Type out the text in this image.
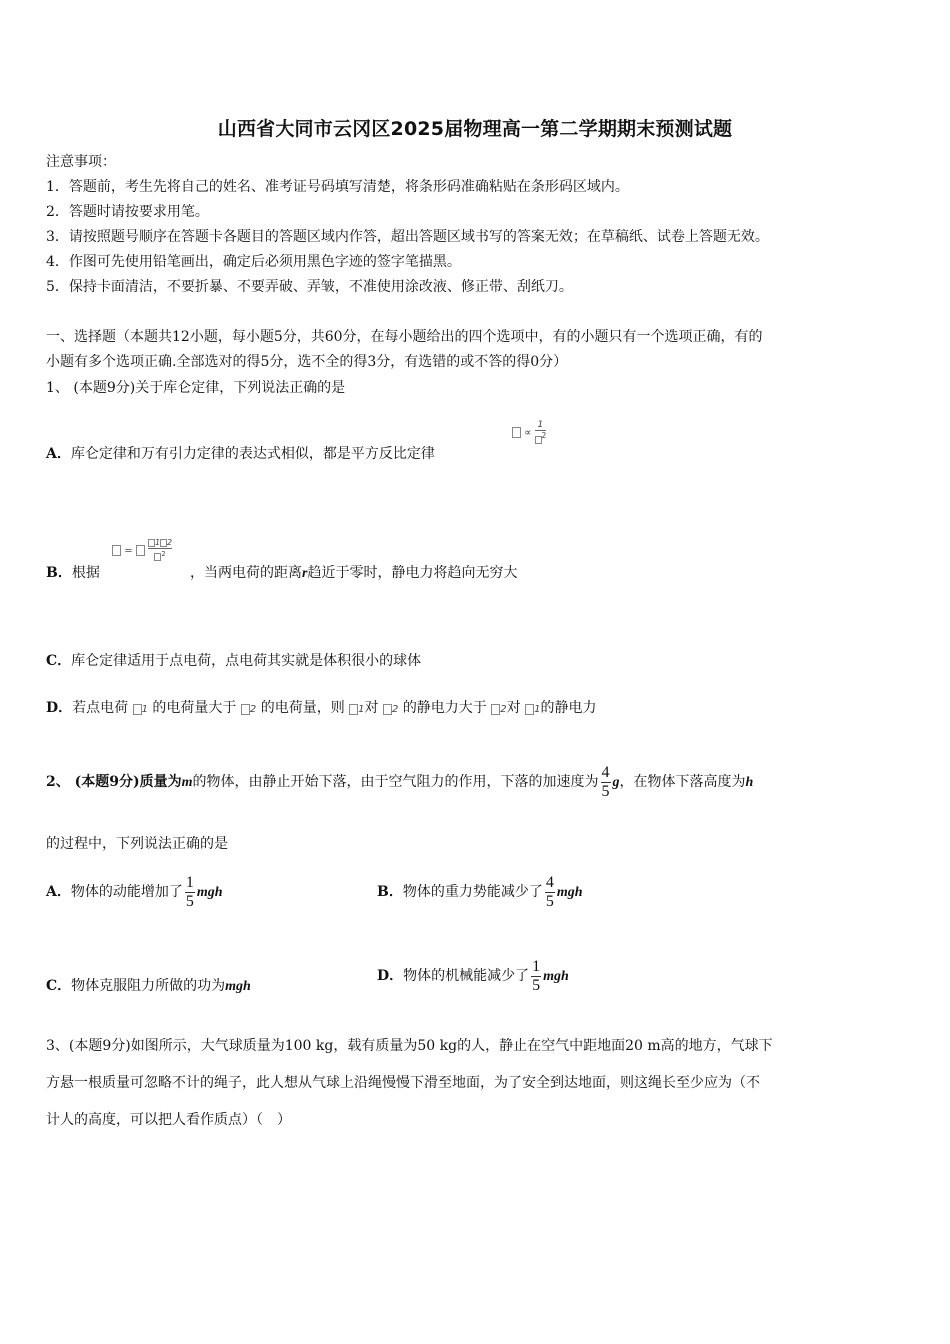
山西省大同市云冈区2025届物理高一第二学期期末预测试题
注意事项：
1．答题前，考生先将自己的姓名、准考证号码填写清楚，将条形码准确粘贴在条形码区域内。
2．答题时请按要求用笔。
3．请按照题号顺序在答题卡各题目的答题区域内作答，超出答题区域书写的答案无效；在草稿纸、试卷上答题无效。
4．作图可先使用铅笔画出，确定后必须用黑色字迹的签字笔描黑。
5．保持卡面清洁，不要折暴、不要弄破、弄皱，不准使用涂改液、修正带、刮纸刀。
一、选择题（本题共12小题，每小题5分，共60分，在每小题给出的四个选项中，有的小题只有一个选项正确，有的
小题有多个选项正确.全部选对的得5分，选不全的得3分，有选错的或不答的得0分）
1、 (本题9分)关于库仑定律，下列说法正确的是
A．库仑定律和万有引力定律的表达式相似，都是平方反比定律
∝ $\frac{1}{^2}$
B．根据
= $\frac{1 2}{^2}$
，当两电荷的距离r趋近于零时，静电力将趋向无穷大
C．库仑定律适用于点电荷，点电荷其实就是体积很小的球体
D．若点电荷 1 的电荷量大于 2 的电荷量，则 1对 2 的静电力大于 2对 1的静电力
2、 (本题9分)质量为m的物体，由静止开始下落，由于空气阻力的作用，下落的加速度为 $\frac{4}{5}$ g，在物体下落高度为h
的过程中，下列说法正确的是
A．物体的动能增加了 $\frac{1}{5}$ mgh	B．物体的重力势能减少了 $\frac{4}{5}$ mgh
C．物体克服阻力所做的功为mgh
D．物体的机械能减少了 $\frac{1}{5}$ mgh
3、(本题9分)如图所示，大气球质量为100 kg，载有质量为50 kg的人，静止在空气中距地面20 m高的地方，气球下
方悬一根质量可忽略不计的绳子，此人想从气球上沿绳慢慢下滑至地面，为了安全到达地面，则这绳长至少应为（不
计人的高度，可以把人看作质点）（　）
